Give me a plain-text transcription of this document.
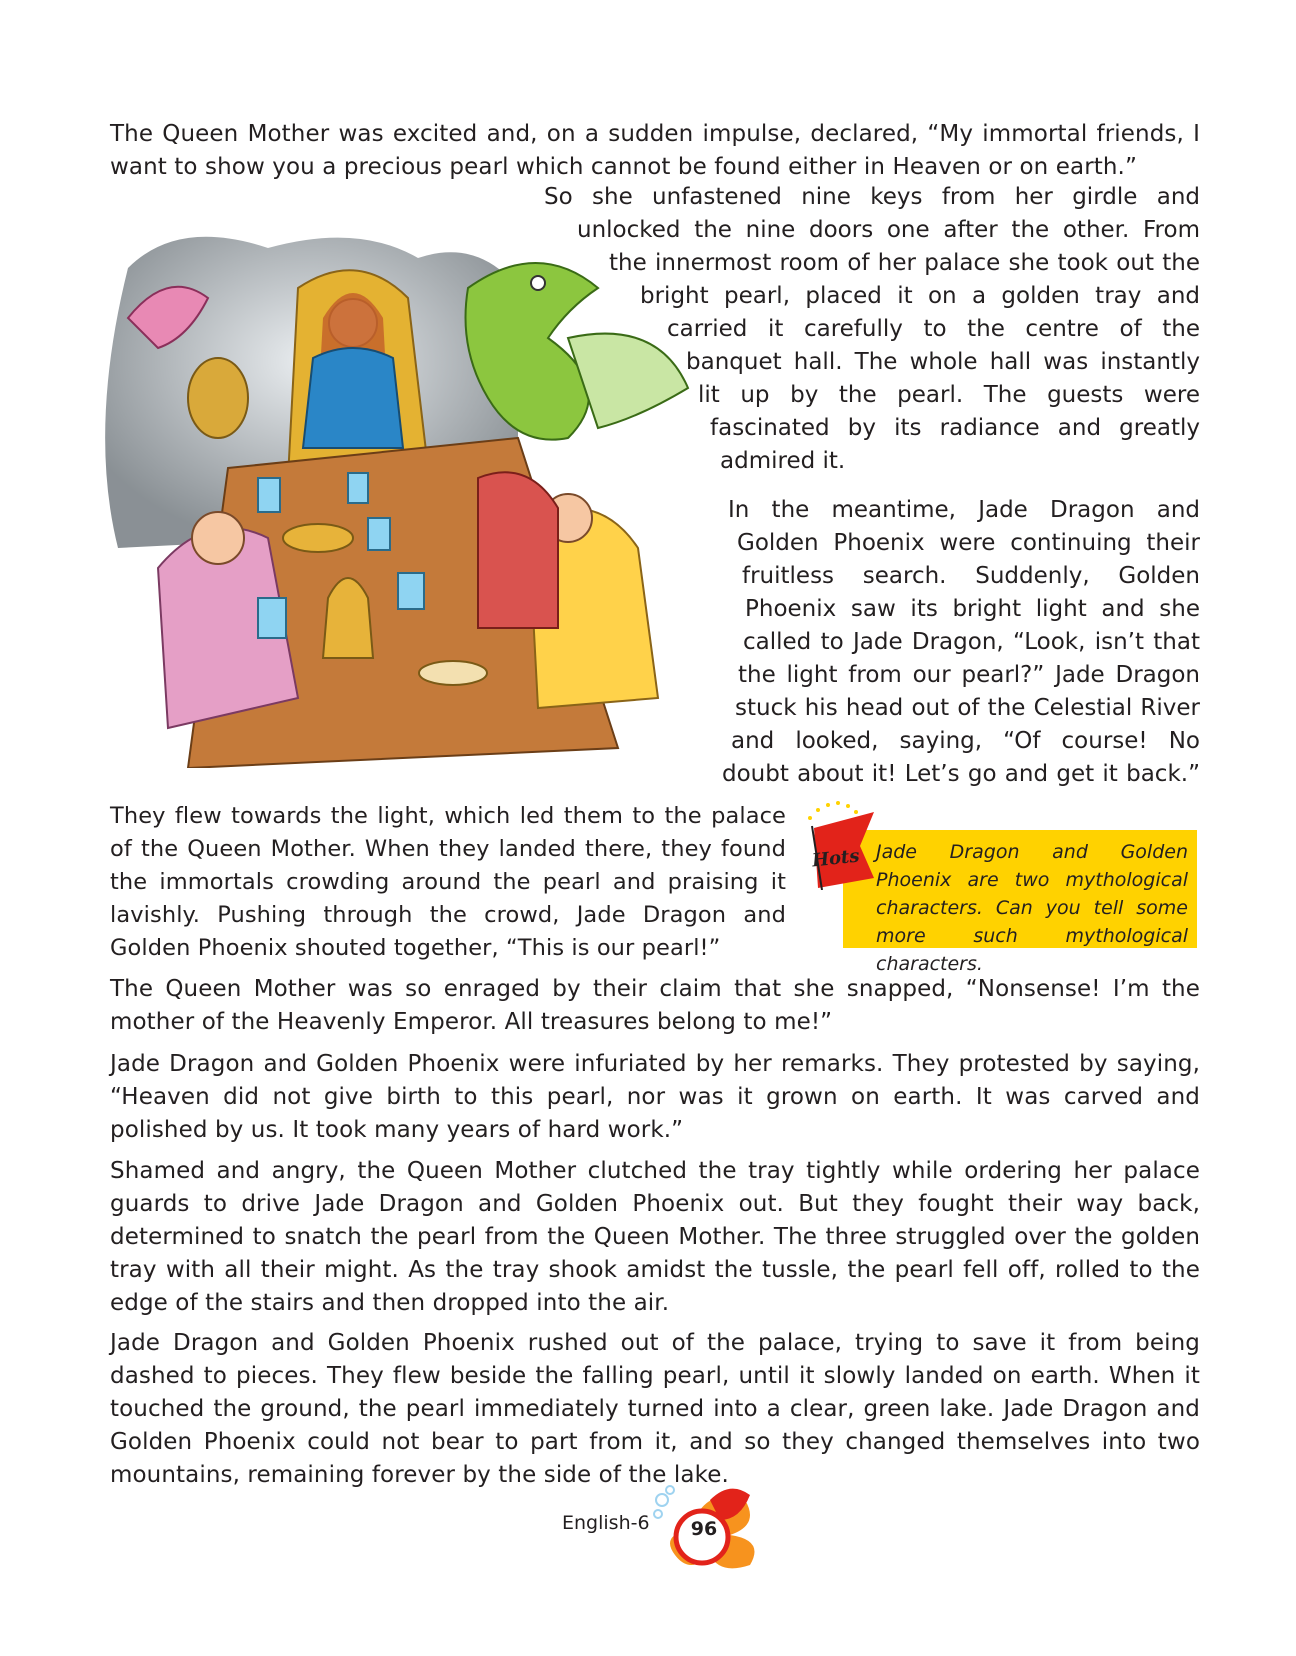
The Queen Mother was excited and, on a sudden impulse, declared, “My immortal friends, I want to show you a precious pearl which cannot be found either in Heaven or on earth.”

So she unfastened nine keys from her girdle and
unlocked the nine doors one after the other. From
the innermost room of her palace she took out the
bright pearl, placed it on a golden tray and
carried it carefully to the centre of the
banquet hall. The whole hall was instantly
lit up by the pearl. The guests were
fascinated by its radiance and greatly
admired it.
In the meantime, Jade Dragon and
Golden Phoenix were continuing their
fruitless search. Suddenly, Golden
Phoenix saw its bright light and she
called to Jade Dragon, “Look, isn’t that
the light from our pearl?” Jade Dragon
stuck his head out of the Celestial River
and looked, saying, “Of course! No
doubt about it! Let’s go and get it back.”

They flew towards the light, which led them to the palace of the Queen Mother. When they landed there, they found the immortals crowding around the pearl and praising it lavishly. Pushing through the crowd, Jade Dragon and Golden Phoenix shouted together, “This is our pearl!”

Hots Jade Dragon and Golden Phoenix are two mythological characters. Can you tell some more such mythological characters.

The Queen Mother was so enraged by their claim that she snapped, “Nonsense! I’m the mother of the Heavenly Emperor. All treasures belong to me!”

Jade Dragon and Golden Phoenix were infuriated by her remarks. They protested by saying, “Heaven did not give birth to this pearl, nor was it grown on earth. It was carved and polished by us. It took many years of hard work.”

Shamed and angry, the Queen Mother clutched the tray tightly while ordering her palace guards to drive Jade Dragon and Golden Phoenix out. But they fought their way back, determined to snatch the pearl from the Queen Mother. The three struggled over the golden tray with all their might. As the tray shook amidst the tussle, the pearl fell off, rolled to the edge of the stairs and then dropped into the air.

Jade Dragon and Golden Phoenix rushed out of the palace, trying to save it from being dashed to pieces. They flew beside the falling pearl, until it slowly landed on earth. When it touched the ground, the pearl immediately turned into a clear, green lake. Jade Dragon and Golden Phoenix could not bear to part from it, and so they changed themselves into two mountains, remaining forever by the side of the lake.

English-6	96
